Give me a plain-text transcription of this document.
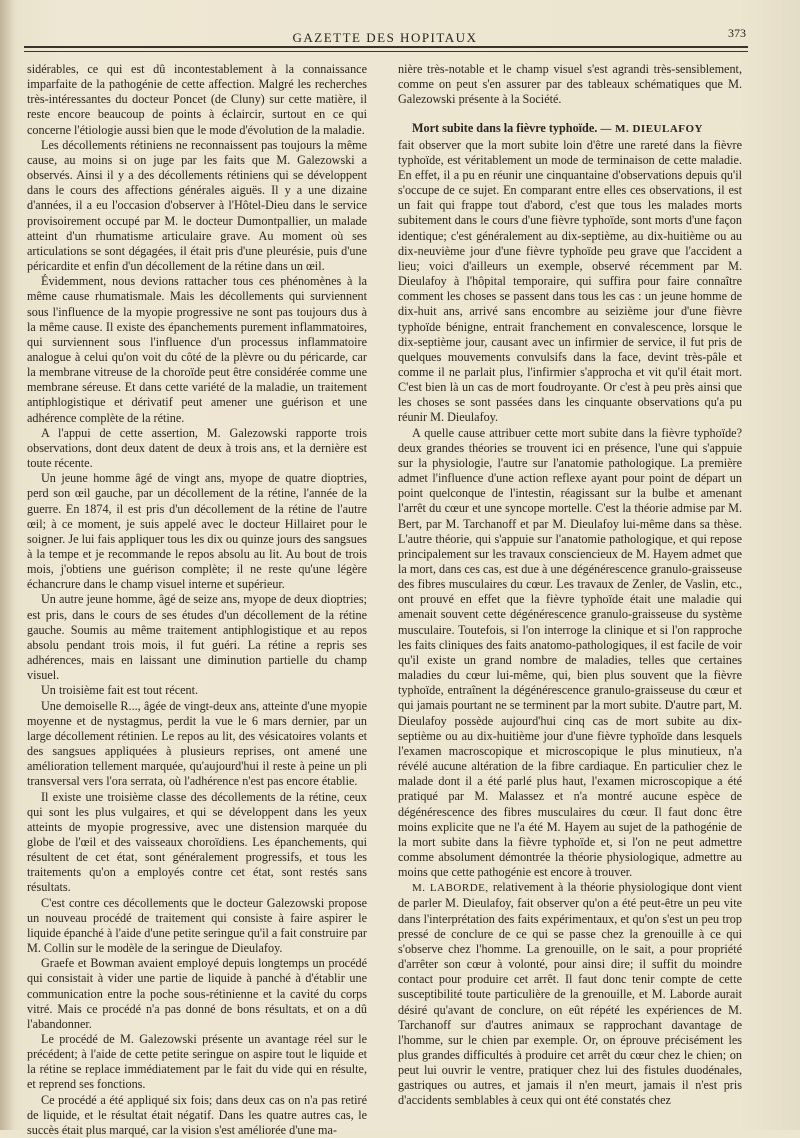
GAZETTE DES HOPITAUX	373

sidérables, ce qui est dû incontestablement à la connaissance imparfaite de la pathogénie de cette affection. Malgré les recherches très-intéressantes du docteur Poncet (de Cluny) sur cette matière, il reste encore beaucoup de points à éclaircir, surtout en ce qui concerne l'étiologie aussi bien que le mode d'évolution de la maladie.

Les décollements rétiniens ne reconnaissent pas toujours la même cause, au moins si on juge par les faits que M. Galezowski a observés. Ainsi il y a des décollements rétiniens qui se développent dans le cours des affections générales aiguës. Il y a une dizaine d'années, il a eu l'occasion d'observer à l'Hôtel-Dieu dans le service provisoirement occupé par M. le docteur Dumontpallier, un malade atteint d'un rhumatisme articulaire grave. Au moment où ses articulations se sont dégagées, il était pris d'une pleurésie, puis d'une péricardite et enfin d'un décollement de la rétine dans un œil.

Évidemment, nous devions rattacher tous ces phénomènes à la même cause rhumatismale. Mais les décollements qui surviennent sous l'influence de la myopie progressive ne sont pas toujours dus à la même cause. Il existe des épanchements purement inflammatoires, qui surviennent sous l'influence d'un processus inflammatoire analogue à celui qu'on voit du côté de la plèvre ou du péricarde, car la membrane vitreuse de la choroïde peut être considérée comme une membrane séreuse. Et dans cette variété de la maladie, un traitement antiphlogistique et dérivatif peut amener une guérison et une adhérence complète de la rétine.

A l'appui de cette assertion, M. Galezowski rapporte trois observations, dont deux datent de deux à trois ans, et la dernière est toute récente.

Un jeune homme âgé de vingt ans, myope de quatre dioptries, perd son œil gauche, par un décollement de la rétine, l'année de la guerre. En 1874, il est pris d'un décollement de la rétine de l'autre œil; à ce moment, je suis appelé avec le docteur Hillairet pour le soigner. Je lui fais appliquer tous les dix ou quinze jours des sangsues à la tempe et je recommande le repos absolu au lit. Au bout de trois mois, j'obtiens une guérison complète; il ne reste qu'une légère échancrure dans le champ visuel interne et supérieur.

Un autre jeune homme, âgé de seize ans, myope de deux dioptries; est pris, dans le cours de ses études d'un décollement de la rétine gauche. Soumis au même traitement antiphlogistique et au repos absolu pendant trois mois, il fut guéri. La rétine a repris ses adhérences, mais en laissant une diminution partielle du champ visuel.

Un troisième fait est tout récent.

Une demoiselle R..., âgée de vingt-deux ans, atteinte d'une myopie moyenne et de nystagmus, perdit la vue le 6 mars dernier, par un large décollement rétinien. Le repos au lit, des vésicatoires volants et des sangsues appliquées à plusieurs reprises, ont amené une amélioration tellement marquée, qu'aujourd'hui il reste à peine un pli transversal vers l'ora serrata, où l'adhérence n'est pas encore établie.

Il existe une troisième classe des décollements de la rétine, ceux qui sont les plus vulgaires, et qui se développent dans les yeux atteints de myopie progressive, avec une distension marquée du globe de l'œil et des vaisseaux choroïdiens. Les épanchements, qui résultent de cet état, sont généralement progressifs, et tous les traitements qu'on a employés contre cet état, sont restés sans résultats.

C'est contre ces décollements que le docteur Galezowski propose un nouveau procédé de traitement qui consiste à faire aspirer le liquide épanché à l'aide d'une petite seringue qu'il a fait construire par M. Collin sur le modèle de la seringue de Dieulafoy.

Graefe et Bowman avaient employé depuis longtemps un procédé qui consistait à vider une partie de liquide à panché à d'établir une communication entre la poche sous-rétinienne et la cavité du corps vitré. Mais ce procédé n'a pas donné de bons résultats, et on a dû l'abandonner.

Le procédé de M. Galezowski présente un avantage réel sur le précédent; à l'aide de cette petite seringue on aspire tout le liquide et la rétine se replace immédiatement par le fait du vide qui en résulte, et reprend ses fonctions.

Ce procédé a été appliqué six fois; dans deux cas on n'a pas retiré de liquide, et le résultat était négatif. Dans les quatre autres cas, le succès était plus marqué, car la vision s'est améliorée d'une ma-

nière très-notable et le champ visuel s'est agrandi très-sensiblement, comme on peut s'en assurer par des tableaux schématiques que M. Galezowski présente à la Société.

Mort subite dans la fièvre typhoïde. — M. DIEULAFOY

fait observer que la mort subite loin d'être une rareté dans la fièvre typhoïde, est véritablement un mode de terminaison de cette maladie. En effet, il a pu en réunir une cinquantaine d'observations depuis qu'il s'occupe de ce sujet. En comparant entre elles ces observations, il est un fait qui frappe tout d'abord, c'est que tous les malades morts subitement dans le cours d'une fièvre typhoïde, sont morts d'une façon identique; c'est généralement au dix-septième, au dix-huitième ou au dix-neuvième jour d'une fièvre typhoïde peu grave que l'accident a lieu; voici d'ailleurs un exemple, observé récemment par M. Dieulafoy à l'hôpital temporaire, qui suffira pour faire connaître comment les choses se passent dans tous les cas : un jeune homme de dix-huit ans, arrivé sans encombre au seizième jour d'une fièvre typhoïde bénigne, entrait franchement en convalescence, lorsque le dix-septième jour, causant avec un infirmier de service, il fut pris de quelques mouvements convulsifs dans la face, devint très-pâle et comme il ne parlait plus, l'infirmier s'approcha et vit qu'il était mort. C'est bien là un cas de mort foudroyante. Or c'est à peu près ainsi que les choses se sont passées dans les cinquante observations qu'a pu réunir M. Dieulafoy.

A quelle cause attribuer cette mort subite dans la fièvre typhoïde? deux grandes théories se trouvent ici en présence, l'une qui s'appuie sur la physiologie, l'autre sur l'anatomie pathologique. La première admet l'influence d'une action reflexe ayant pour point de départ un point quelconque de l'intestin, réagissant sur la bulbe et amenant l'arrêt du cœur et une syncope mortelle. C'est la théorie admise par M. Bert, par M. Tarchanoff et par M. Dieulafoy lui-même dans sa thèse. L'autre théorie, qui s'appuie sur l'anatomie pathologique, et qui repose principalement sur les travaux consciencieux de M. Hayem admet que la mort, dans ces cas, est due à une dégénérescence granulo-graisseuse des fibres musculaires du cœur. Les travaux de Zenler, de Vaslin, etc., ont prouvé en effet que la fièvre typhoïde était une maladie qui amenait souvent cette dégénérescence granulo-graisseuse du système musculaire. Toutefois, si l'on interroge la clinique et si l'on rapproche les faits cliniques des faits anatomo-pathologiques, il est facile de voir qu'il existe un grand nombre de maladies, telles que certaines maladies du cœur lui-même, qui, bien plus souvent que la fièvre typhoïde, entraînent la dégénérescence granulo-graisseuse du cœur et qui jamais pourtant ne se terminent par la mort subite. D'autre part, M. Dieulafoy possède aujourd'hui cinq cas de mort subite au dix-septième ou au dix-huitième jour d'une fièvre typhoïde dans lesquels l'examen macroscopique et microscopique le plus minutieux, n'a révélé aucune altération de la fibre cardiaque. En particulier chez le malade dont il a été parlé plus haut, l'examen microscopique a été pratiqué par M. Malassez et n'a montré aucune espèce de dégénérescence des fibres musculaires du cœur. Il faut donc être moins explicite que ne l'a été M. Hayem au sujet de la pathogénie de la mort subite dans la fièvre typhoïde et, si l'on ne peut admettre comme absolument démontrée la théorie physiologique, admettre au moins que cette pathogénie est encore à trouver.

M. LABORDE, relativement à la théorie physiologique dont vient de parler M. Dieulafoy, fait observer qu'on a été peut-être un peu vite dans l'interprétation des faits expérimentaux, et qu'on s'est un peu trop pressé de conclure de ce qui se passe chez la grenouille à ce qui s'observe chez l'homme. La grenouille, on le sait, a pour propriété d'arrêter son cœur à volonté, pour ainsi dire; il suffit du moindre contact pour produire cet arrêt. Il faut donc tenir compte de cette susceptibilité toute particulière de la grenouille, et M. Laborde aurait désiré qu'avant de conclure, on eût répété les expériences de M. Tarchanoff sur d'autres animaux se rapprochant davantage de l'homme, sur le chien par exemple. Or, on éprouve précisément les plus grandes difficultés à produire cet arrêt du cœur chez le chien; on peut lui ouvrir le ventre, pratiquer chez lui des fistules duodénales, gastriques ou autres, et jamais il n'en meurt, jamais il n'est pris d'accidents semblables à ceux qui ont été constatés chez
